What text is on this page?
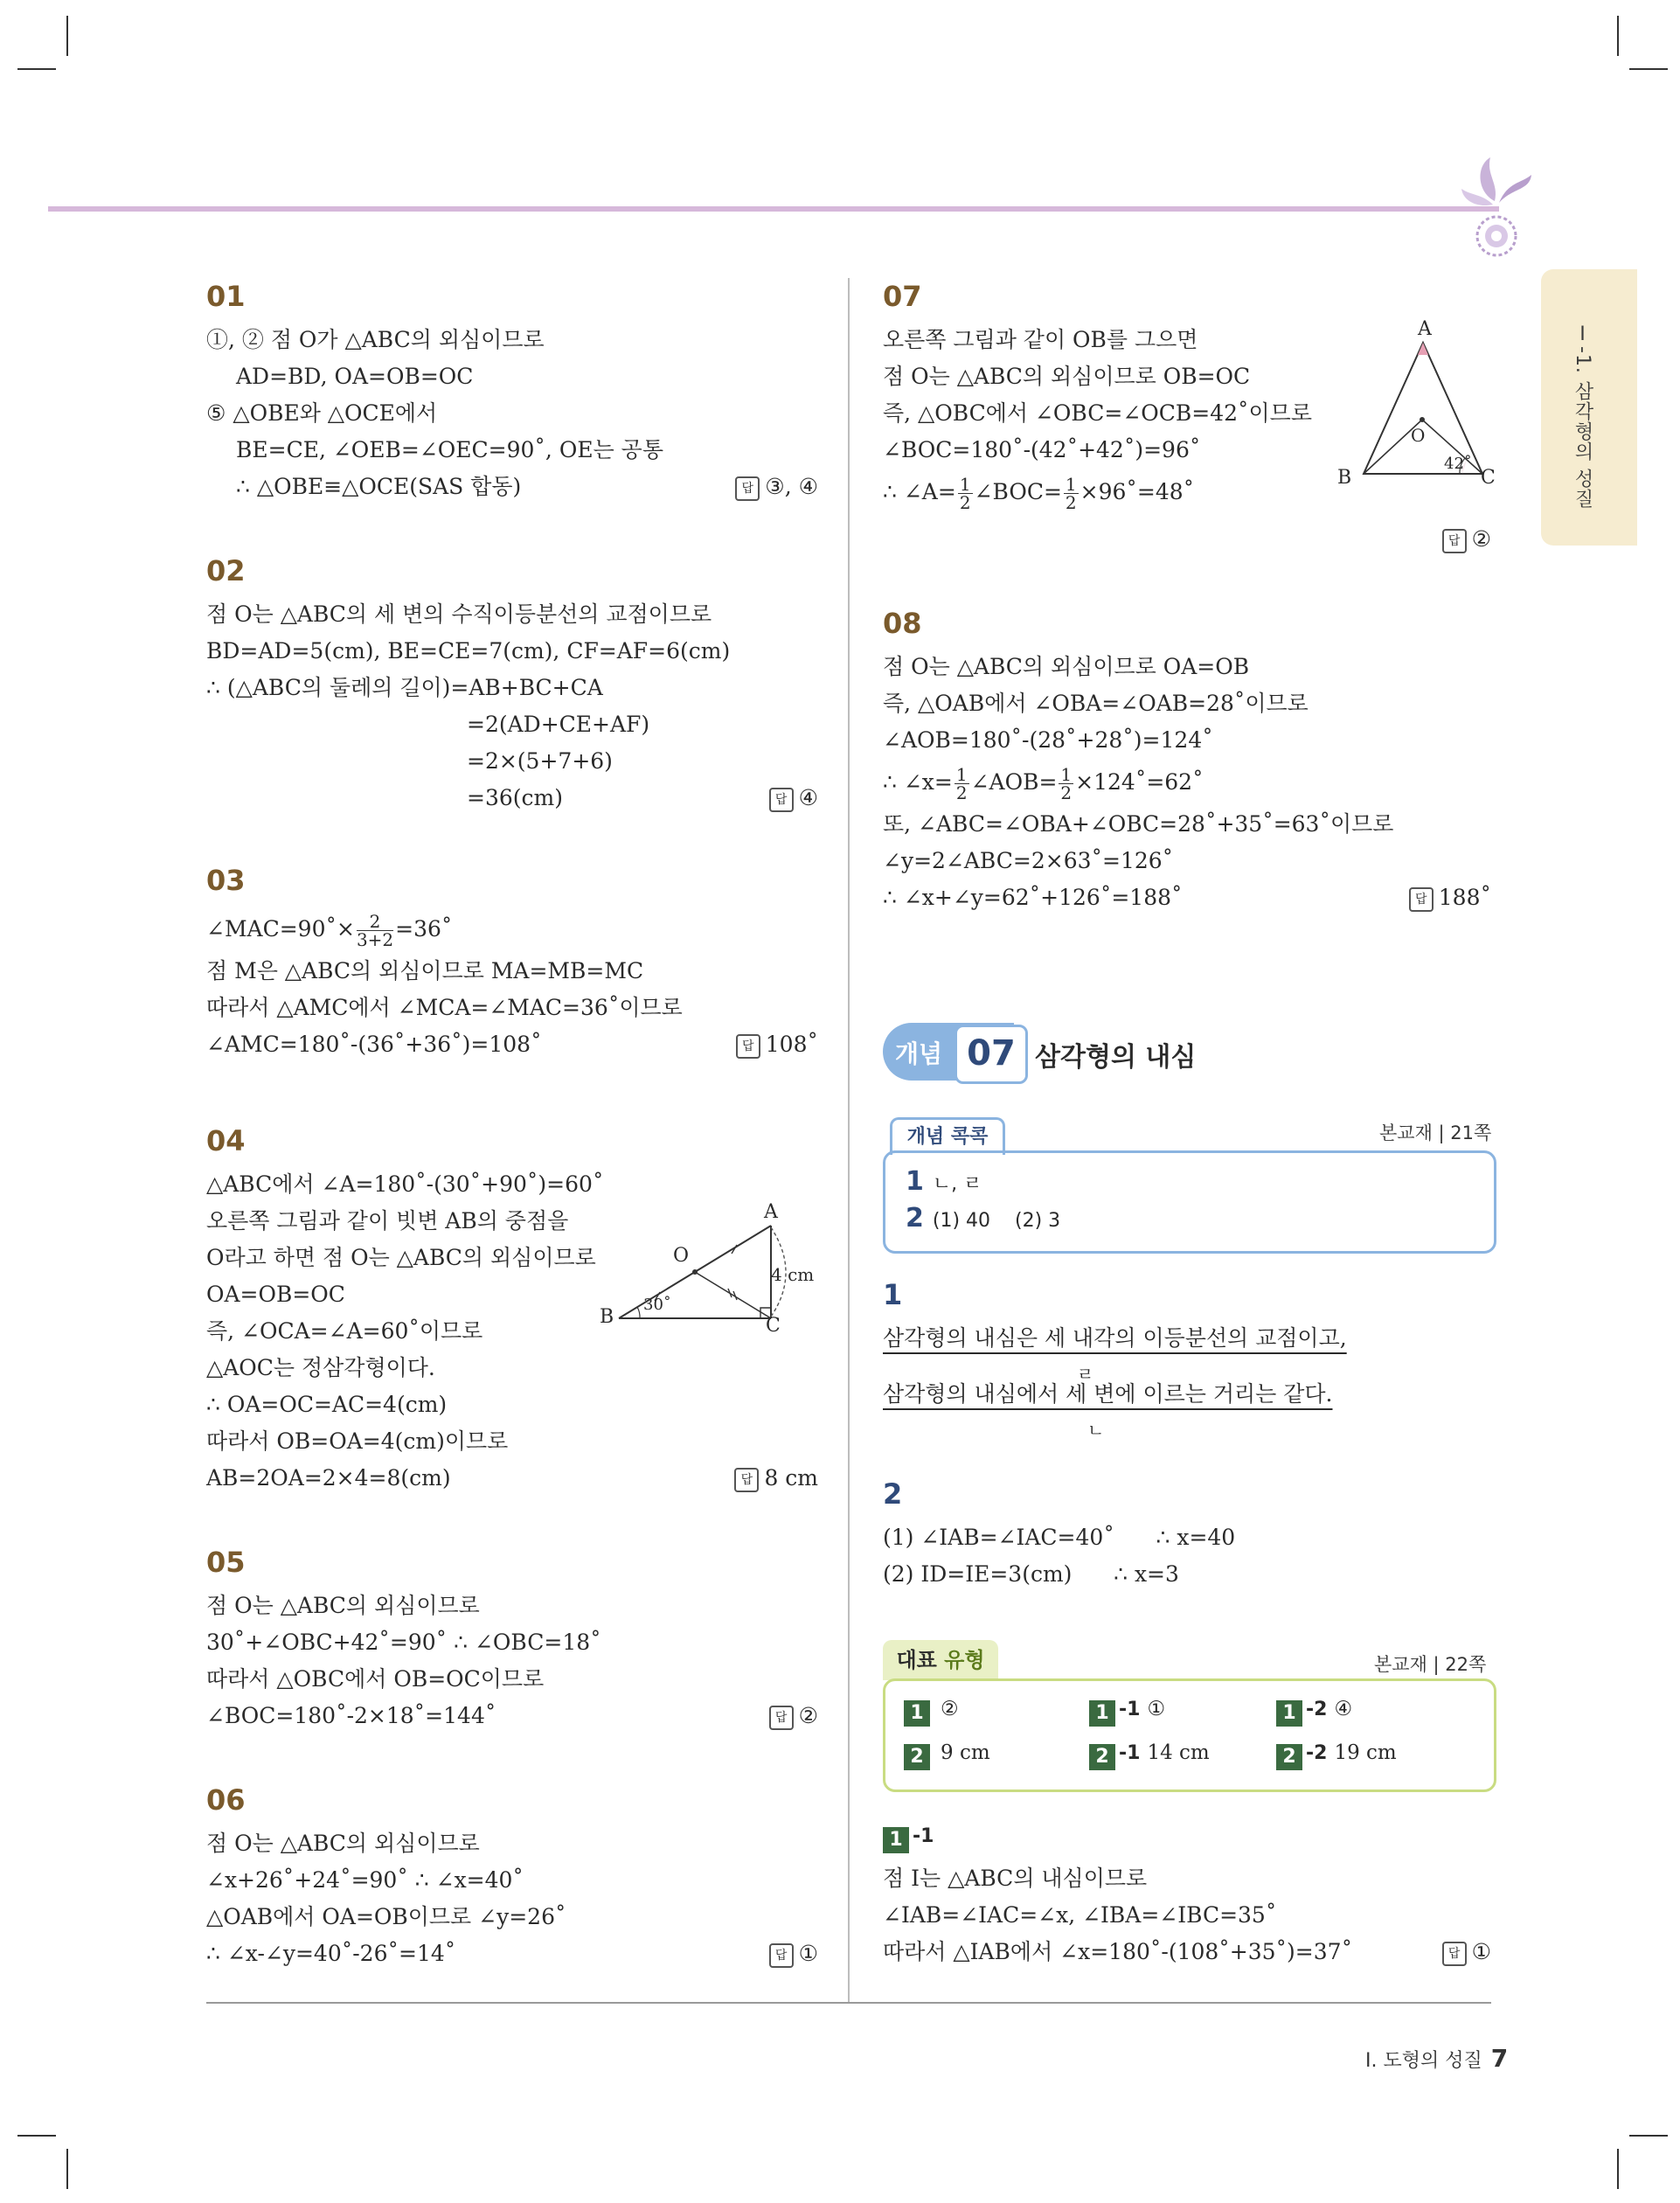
Ⅰ-1. 삼각형의 성질
01
①, ② 점 O가 △ABC의 외심이므로
AD=BD, OA=OB=OC
⑤ △OBE와 △OCE에서
BE=CE, ∠OEB=∠OEC=90˚, OE는 공통
∴ △OBE≡△OCE(SAS 합동)	답 ③, ④
02
점 O는 △ABC의 세 변의 수직이등분선의 교점이므로
BD=AD=5(cm), BE=CE=7(cm), CF=AF=6(cm)
∴ (△ABC의 둘레의 길이)=AB+BC+CA
=2(AD+CE+AF)
=2×(5+7+6)
=36(cm)	답 ④
03
∠MAC=90˚× $\frac{2}{3+2}$ =36˚
점 M은 △ABC의 외심이므로 MA=MB=MC
따라서 △AMC에서 ∠MCA=∠MAC=36˚이므로
∠AMC=180˚-(36˚+36˚)=108˚	답 108˚
04
△ABC에서 ∠A=180˚-(30˚+90˚)=60˚
오른쪽 그림과 같이 빗변 AB의 중점을
O라고 하면 점 O는 △ABC의 외심이므로
OA=OB=OC
즉, ∠OCA=∠A=60˚이므로
△AOC는 정삼각형이다.
∴ OA=OC=AC=4(cm)
따라서 OB=OA=4(cm)이므로
AB=2OA=2×4=8(cm)	답 8 cm
A
B	C
O
30˚
4 cm
05
점 O는 △ABC의 외심이므로
30˚+∠OBC+42˚=90˚ ∴ ∠OBC=18˚
따라서 △OBC에서 OB=OC이므로
∠BOC=180˚-2×18˚=144˚	답 ②
06
점 O는 △ABC의 외심이므로
∠x+26˚+24˚=90˚ ∴ ∠x=40˚
△OAB에서 OA=OB이므로 ∠y=26˚
∴ ∠x-∠y=40˚-26˚=14˚	답 ①
07
오른쪽 그림과 같이 OB를 그으면
점 O는 △ABC의 외심이므로 OB=OC
즉, △OBC에서 ∠OBC=∠OCB=42˚이므로
∠BOC=180˚-(42˚+42˚)=96˚
∴ ∠A= $\frac{1}{2}$ ∠BOC= $\frac{1}{2}$ ×96˚=48˚
답 ②
A
B	C
O
42˚
08
점 O는 △ABC의 외심이므로 OA=OB
즉, △OAB에서 ∠OBA=∠OAB=28˚이므로
∠AOB=180˚-(28˚+28˚)=124˚
∴ ∠x= $\frac{1}{2}$ ∠AOB= $\frac{1}{2}$ ×124˚=62˚
또, ∠ABC=∠OBA+∠OBC=28˚+35˚=63˚이므로
∠y=2∠ABC=2×63˚=126˚
∴ ∠x+∠y=62˚+126˚=188˚	답 188˚
개념 07 삼각형의 내심
개념 콕콕	본교재 | 21쪽
1 ㄴ, ㄹ
2 (1) 40    (2) 3
1
삼각형의 내심은 세 내각의 이등분선의 교점이고,
ㄹ
삼각형의 내심에서 세 변에 이르는 거리는 같다.
ㄴ
2
(1) ∠IAB=∠IAC=40˚      ∴ x=40
(2) ID=IE=3(cm)      ∴ x=3
대표 유형	본교재 | 22쪽
1 ②	1 -1 ①	1 -2 ④
2 9 cm	2 -1 14 cm	2 -2 19 cm
1 -1
점 I는 △ABC의 내심이므로
∠IAB=∠IAC=∠x, ∠IBA=∠IBC=35˚
따라서 △IAB에서 ∠x=180˚-(108˚+35˚)=37˚	답 ①
Ⅰ. 도형의 성질 7
